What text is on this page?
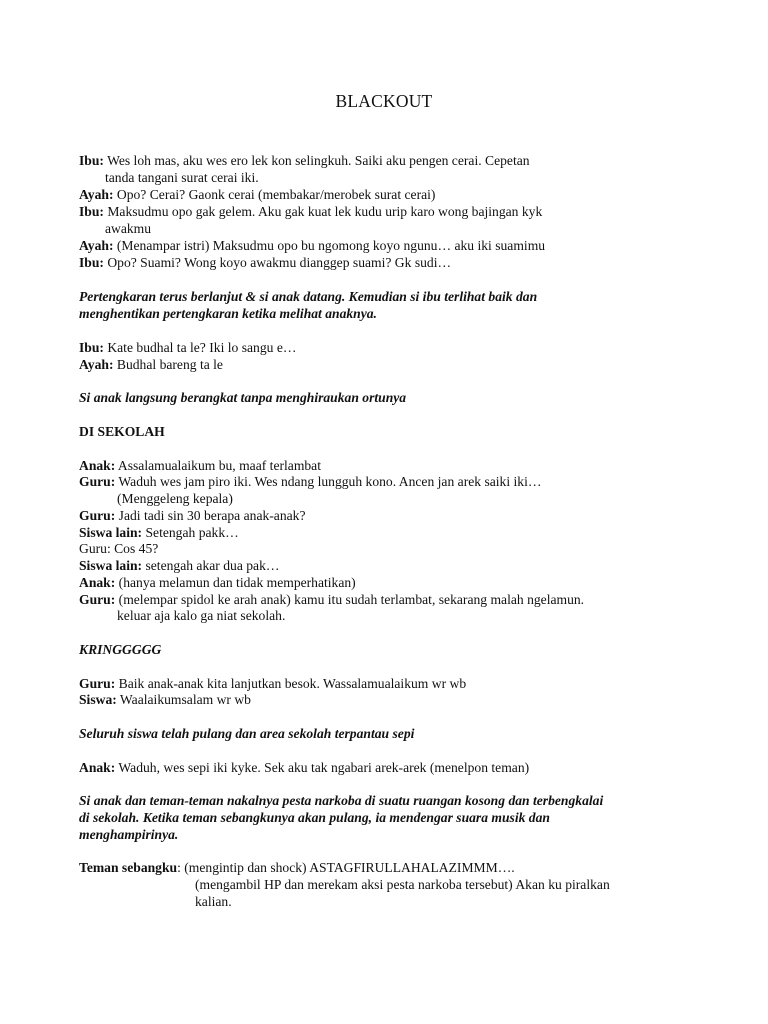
BLACKOUT
Ibu: Wes loh mas, aku wes ero lek kon selingkuh. Saiki aku pengen cerai. Cepetan
tanda tangani surat cerai iki.
Ayah: Opo? Cerai? Gaonk cerai (membakar/merobek surat cerai)
Ibu: Maksudmu opo gak gelem. Aku gak kuat lek kudu urip karo wong bajingan kyk
awakmu
Ayah: (Menampar istri) Maksudmu opo bu ngomong koyo ngunu… aku iki suamimu
Ibu: Opo? Suami? Wong koyo awakmu dianggep suami? Gk sudi…
Pertengkaran terus berlanjut & si anak datang. Kemudian si ibu terlihat baik dan
menghentikan pertengkaran ketika melihat anaknya.
Ibu: Kate budhal ta le? Iki lo sangu e…
Ayah: Budhal bareng ta le
Si anak langsung berangkat tanpa menghiraukan ortunya
DI SEKOLAH
Anak: Assalamualaikum bu, maaf terlambat
Guru: Waduh wes jam piro iki. Wes ndang lungguh kono. Ancen jan arek saiki iki…
(Menggeleng kepala)
Guru: Jadi tadi sin 30 berapa anak-anak?
Siswa lain: Setengah pakk…
Guru: Cos 45?
Siswa lain: setengah akar dua pak…
Anak: (hanya melamun dan tidak memperhatikan)
Guru: (melempar spidol ke arah anak) kamu itu sudah terlambat, sekarang malah ngelamun.
keluar aja kalo ga niat sekolah.
KRINGGGGG
Guru: Baik anak-anak kita lanjutkan besok. Wassalamualaikum wr wb
Siswa: Waalaikumsalam wr wb
Seluruh siswa telah pulang dan area sekolah terpantau sepi
Anak: Waduh, wes sepi iki kyke. Sek aku tak ngabari arek-arek (menelpon teman)
Si anak dan teman-teman nakalnya pesta narkoba di suatu ruangan kosong dan terbengkalai
di sekolah. Ketika teman sebangkunya akan pulang, ia mendengar suara musik dan
menghampirinya.
Teman sebangku: (mengintip dan shock) ASTAGFIRULLAHALAZIMMM….
(mengambil HP dan merekam aksi pesta narkoba tersebut) Akan ku piralkan
kalian.
